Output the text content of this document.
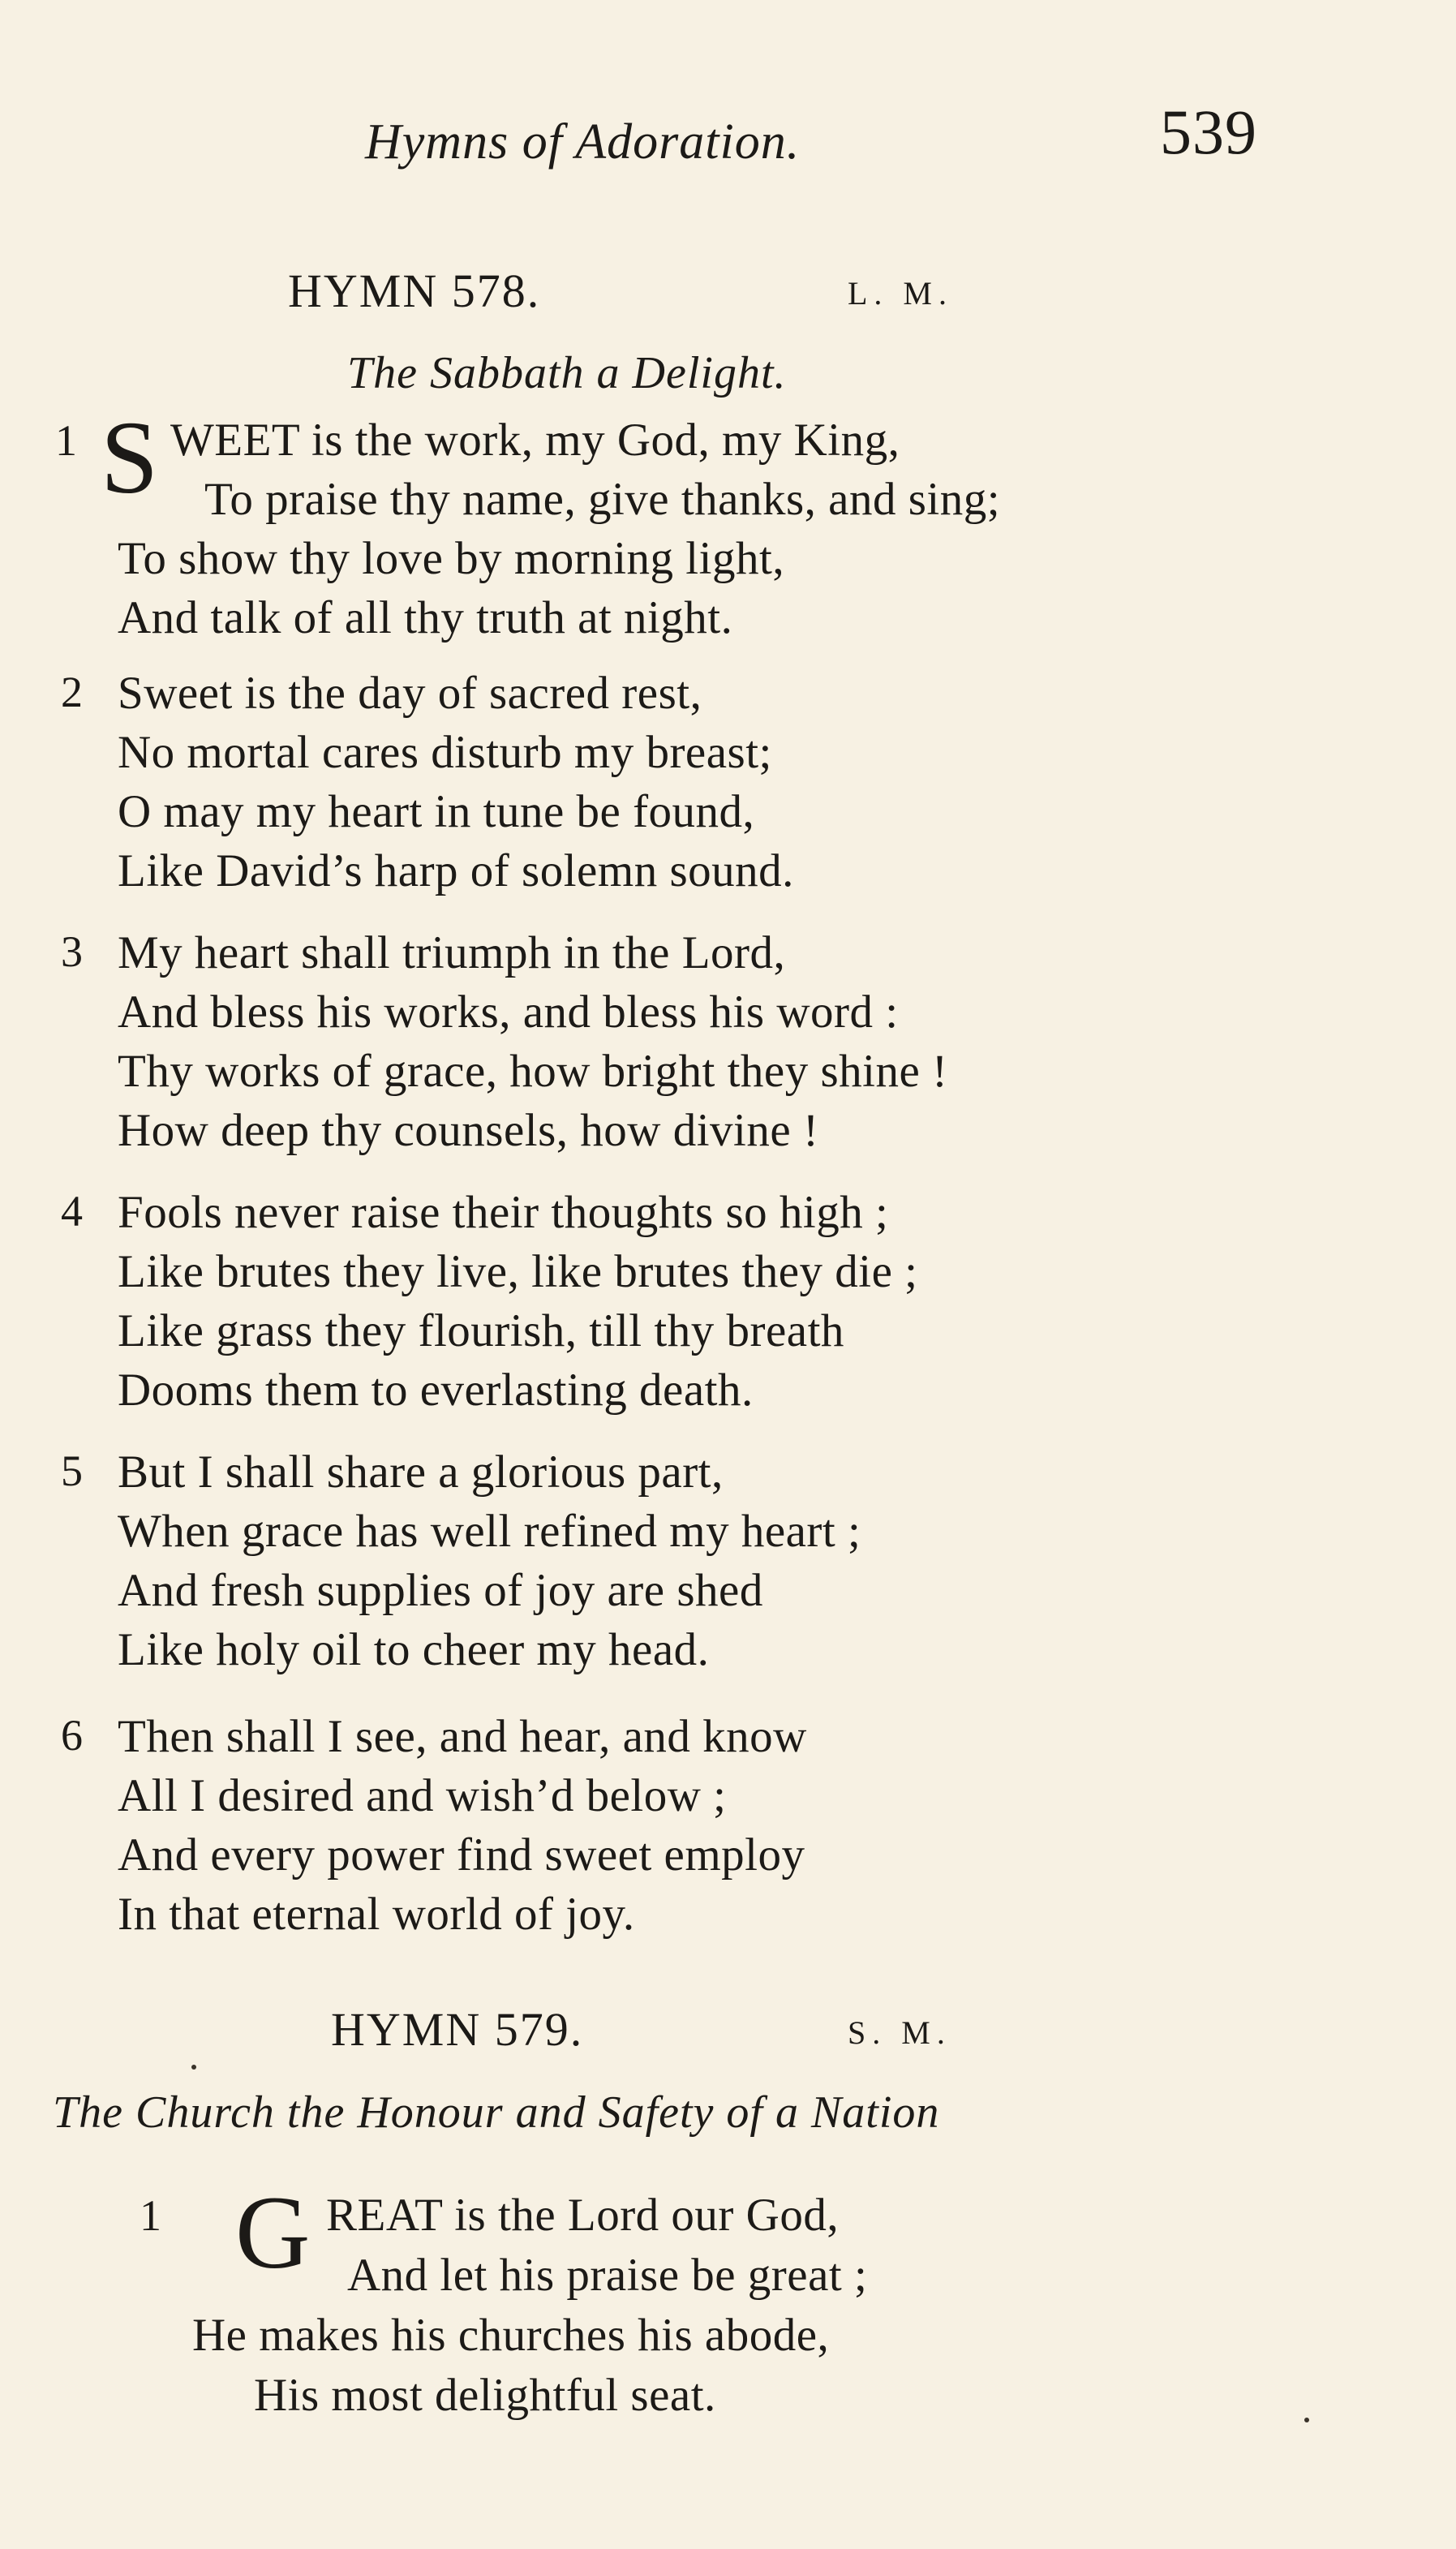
Hymns of Adoration.	539
HYMN 578.	L. M.
The Sabbath a Delight.
1 S WEET is the work, my God, my King,
To praise thy name, give thanks, and sing;
To show thy love by morning light,
And talk of all thy truth at night.
2 Sweet is the day of sacred rest,
No mortal cares disturb my breast;
O may my heart in tune be found,
Like David’s harp of solemn sound.
3 My heart shall triumph in the Lord,
And bless his works, and bless his word :
Thy works of grace, how bright they shine !
How deep thy counsels, how divine !
4 Fools never raise their thoughts so high ;
Like brutes they live, like brutes they die ;
Like grass they flourish, till thy breath
Dooms them to everlasting death.
5 But I shall share a glorious part,
When grace has well refined my heart ;
And fresh supplies of joy are shed
Like holy oil to cheer my head.
6 Then shall I see, and hear, and know
All I desired and wish’d below ;
And every power find sweet employ
In that eternal world of joy.
HYMN 579.	S. M.
The Church the Honour and Safety of a Nation
1 G REAT is the Lord our God,
And let his praise be great ;
He makes his churches his abode,
His most delightful seat.
